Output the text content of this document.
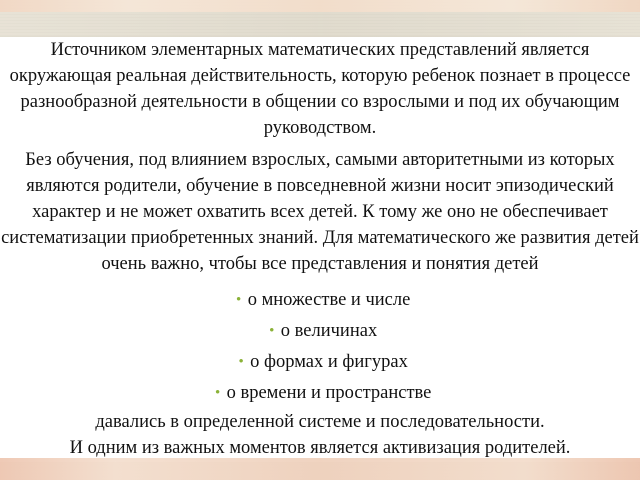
Источником элементарных математических представлений является

окружающая реальная действительность, которую ребенок познает в процессе

разнообразной деятельности в общении со взрослыми и под их обучающим

руководством.

Без обучения, под влиянием взрослых, самыми авторитетными из которых

являются родители, обучение в повседневной жизни носит эпизодический

характер и не может охватить всех детей. К тому же оно не обеспечивает

систематизации приобретенных знаний. Для математического же развития детей

очень важно, чтобы все представления и понятия детей

• о множестве и числе
• о величинах
• о формах и фигурах
• о времени и пространстве

давались в определенной системе и последовательности.

И одним из важных моментов является активизация родителей.
